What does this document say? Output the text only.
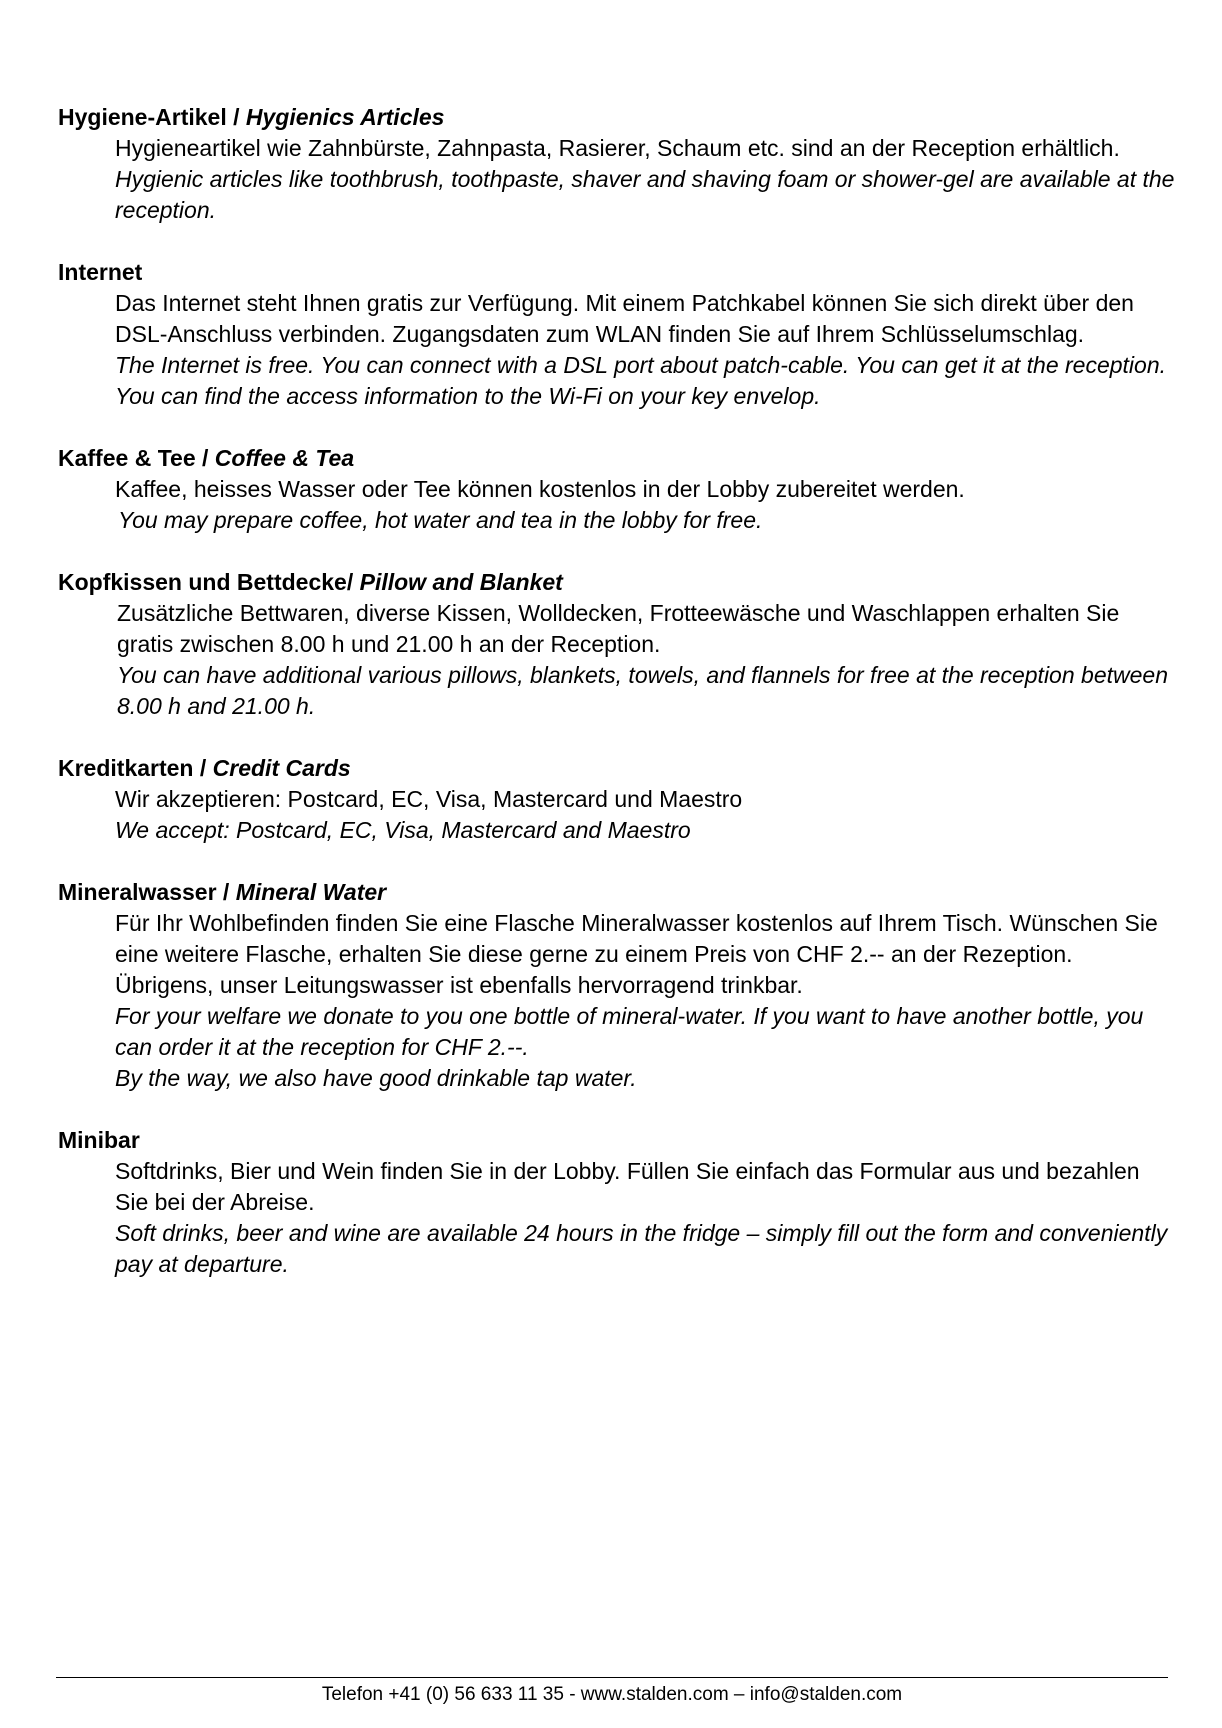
Hygiene-Artikel / Hygienics Articles

Hygieneartikel wie Zahnbürste, Zahnpasta, Rasierer, Schaum etc. sind an der Reception erhältlich.

Hygienic articles like toothbrush, toothpaste, shaver and shaving foam or shower-gel are available at the reception.

Internet

Das Internet steht Ihnen gratis zur Verfügung. Mit einem Patchkabel können Sie sich direkt über den DSL-Anschluss verbinden. Zugangsdaten zum WLAN finden Sie auf Ihrem Schlüsselumschlag.

The Internet is free. You can connect with a DSL port about patch-cable. You can get it at the reception. You can find the access information to the Wi-Fi on your key envelop.

Kaffee & Tee / Coffee & Tea

Kaffee, heisses Wasser oder Tee können kostenlos in der Lobby zubereitet werden.

You may prepare coffee, hot water and tea in the lobby for free.

Kopfkissen und Bettdecke/ Pillow and Blanket

Zusätzliche Bettwaren, diverse Kissen, Wolldecken, Frotteewäsche und Waschlappen erhalten Sie gratis zwischen 8.00 h und 21.00 h an der Reception.

You can have additional various pillows, blankets, towels, and flannels for free at the reception between 8.00 h and 21.00 h.

Kreditkarten / Credit Cards

Wir akzeptieren: Postcard, EC, Visa, Mastercard und Maestro

We accept: Postcard, EC, Visa, Mastercard and Maestro

Mineralwasser / Mineral Water

Für Ihr Wohlbefinden finden Sie eine Flasche Mineralwasser kostenlos auf Ihrem Tisch. Wünschen Sie eine weitere Flasche, erhalten Sie diese gerne zu einem Preis von CHF 2.-- an der Rezeption.

Übrigens, unser Leitungswasser ist ebenfalls hervorragend trinkbar.

For your welfare we donate to you one bottle of mineral-water. If you want to have another bottle, you can order it at the reception for CHF 2.--.

By the way, we also have good drinkable tap water.

Minibar

Softdrinks, Bier und Wein finden Sie in der Lobby. Füllen Sie einfach das Formular aus und bezahlen Sie bei der Abreise.

Soft drinks, beer and wine are available 24 hours in the fridge – simply fill out the form and conveniently pay at departure.

Telefon +41 (0) 56 633 11 35 - www.stalden.com – info@stalden.com
